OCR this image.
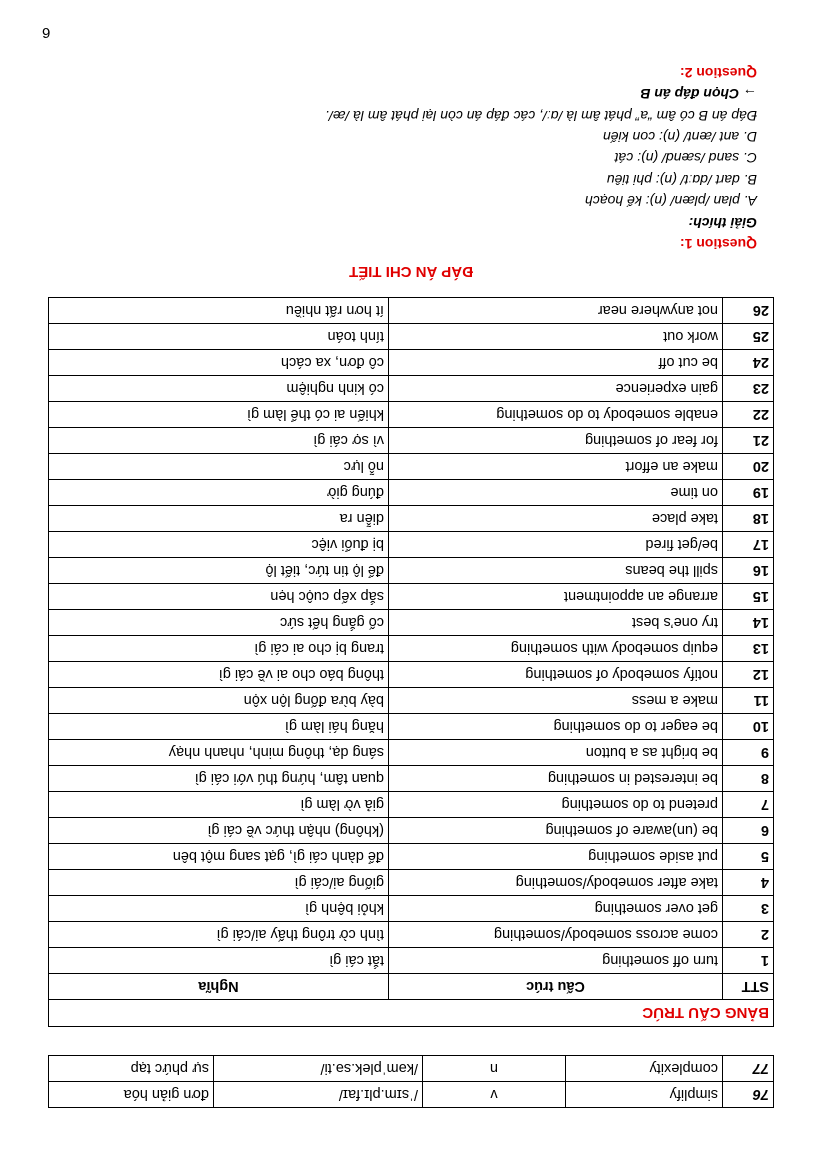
6
76	simplify	v	/ˈsɪm.plɪ.faɪ/	đơn giản hóa
77	complexity	n	/kəmˈplek.sə.ti/	sự phức tạp
BẢNG CẤU TRÚC		
STT	Cấu trúc	Nghĩa
1	turn off something	tắt cái gì
2	come across somebody/something	tình cờ trông thấy ai/cái gì
3	get over something	khỏi bệnh gì
4	take after somebody/something	giống ai/cái gì
5	put aside something	để dành cái gì, gạt sang một bên
6	be (un)aware of something	(không) nhận thức về cái gì
7	pretend to do something	giả vờ làm gì
8	be interested in something	quan tâm, hứng thú với cái gì
9	be bright as a button	sáng dạ, thông minh, nhanh nhạy
10	be eager to do something	hăng hái làm gì
11	make a mess	bày bừa đống lộn xộn
12	notify somebody of something	thông báo cho ai về cái gì
13	equip somebody with something	trang bị cho ai cái gì
14	try one’s best	cố gắng hết sức
15	arrange an appointment	sắp xếp cuộc hẹn
16	spill the beans	để lộ tin tức, tiết lộ
17	be/get fired	bị đuổi việc
18	take place	diễn ra
19	on time	đúng giờ
20	make an effort	nỗ lực
21	for fear of something	vì sợ cái gì
22	enable somebody to do something	khiến ai có thể làm gì
23	gain experience	có kinh nghiệm
24	be cut off	cô đơn, xa cách
25	work out	tính toán
26	not anywhere near	ít hơn rất nhiều
ĐÁP ÁN CHI TIẾT
Question 1:
Giải thích:
A. plan /plæn/ (n): kế hoạch
B. dart /dɑːt/ (n): phi tiêu
C. sand /sænd/ (n): cát
D. ant /ænt/ (n): con kiến
Đáp án B có âm “a” phát âm là /ɑː/, các đáp án còn lại phát âm là /æ/.
→ Chọn đáp án B
Question 2:
